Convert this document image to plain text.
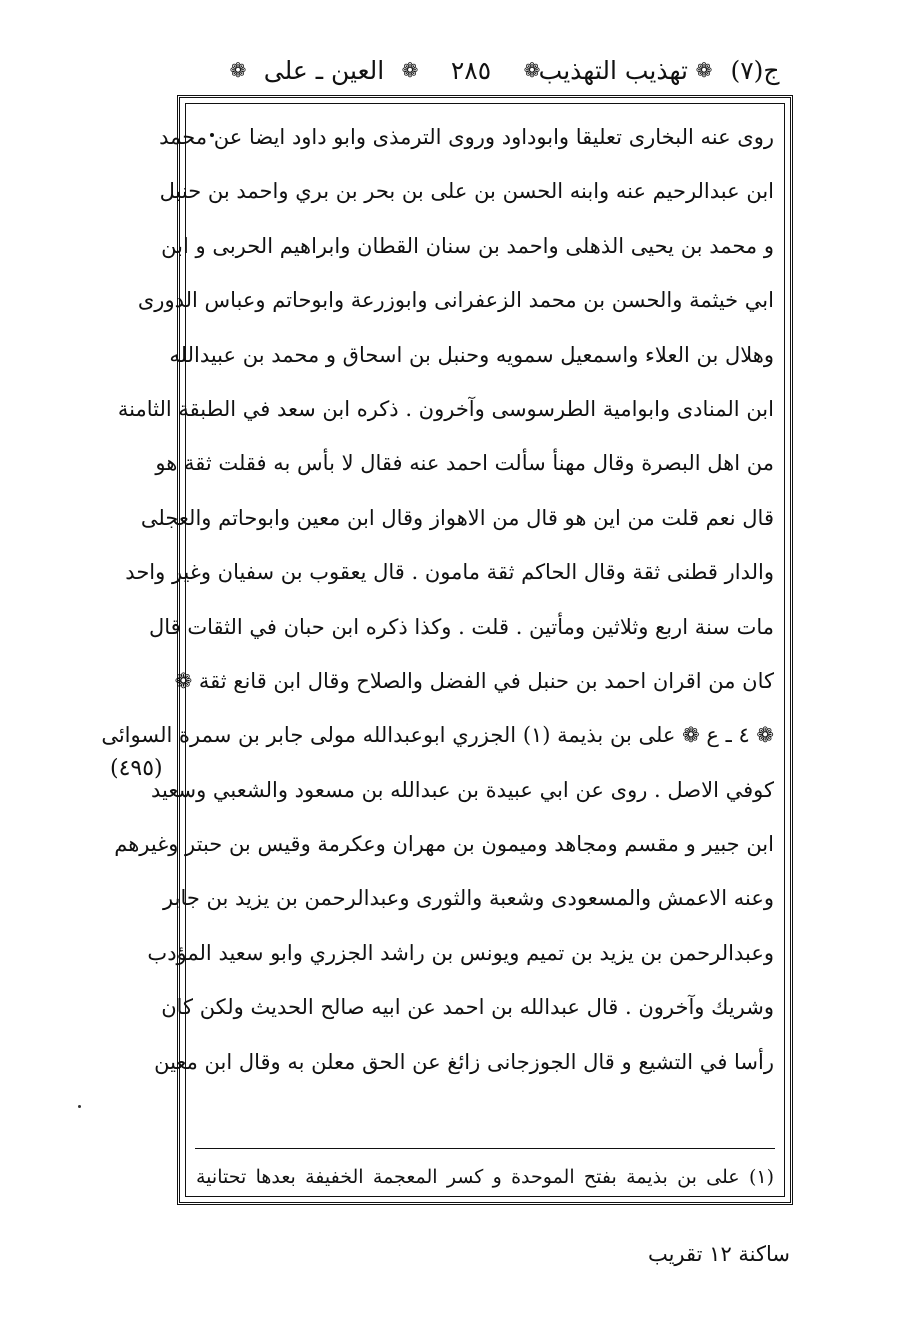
ج(٧)
❁
تهذيب التهذيب
❁
٢٨٥
❁
العين ـ على
❁
روى عنه البخارى تعليقا وابوداود وروى الترمذى وابو داود ايضا عن محمد
ابن عبدالرحيم عنه وابنه الحسن بن على بن بحر بن بري واحمد بن حنبل
و محمد بن يحيى الذهلى واحمد بن سنان القطان وابراهيم الحربى و ابن
ابي خيثمة والحسن بن محمد الزعفرانى وابوزرعة وابوحاتم وعباس الدورى
وهلال بن العلاء واسمعيل سمويه وحنبل بن اسحاق و محمد بن عبيدالله
ابن المنادى وابوامية الطرسوسى وآخرون . ذكره ابن سعد في الطبقة الثامنة
من اهل البصرة وقال مهنأ سألت احمد عنه فقال لا بأس به فقلت ثقة هو
قال نعم قلت من اين هو قال من الاهواز وقال ابن معين وابوحاتم والعجلى
والدار قطنى ثقة وقال الحاكم ثقة مامون . قال يعقوب بن سفيان وغير واحد
مات سنة اربع وثلاثين ومأتين . قلت . وكذا ذكره ابن حبان في الثقات قال
كان من اقران احمد بن حنبل في الفضل والصلاح وقال ابن قانع ثقة ❁
❁ ٤ ـ ع ❁ على بن بذيمة (١) الجزري ابوعبدالله مولى جابر بن سمرة السوائى
كوفي الاصل . روى عن ابي عبيدة بن عبدالله بن مسعود والشعبي وسعيد
ابن جبير و مقسم ومجاهد وميمون بن مهران وعكرمة وقيس بن حبتر وغيرهم
وعنه الاعمش والمسعودى وشعبة والثورى وعبدالرحمن بن يزيد بن جابر
وعبدالرحمن بن يزيد بن تميم ويونس بن راشد الجزري وابو سعيد المؤدب
وشريك وآخرون . قال عبدالله بن احمد عن ابيه صالح الحديث ولكن كان
رأسا في التشيع و قال الجوزجانى زائغ عن الحق معلن به وقال ابن معين
(٤٩٥)
(١) على بن بذيمة بفتح الموحدة و كسر المعجمة الخفيفة بعدها تحتانية
ساكنة ١٢ تقريب
